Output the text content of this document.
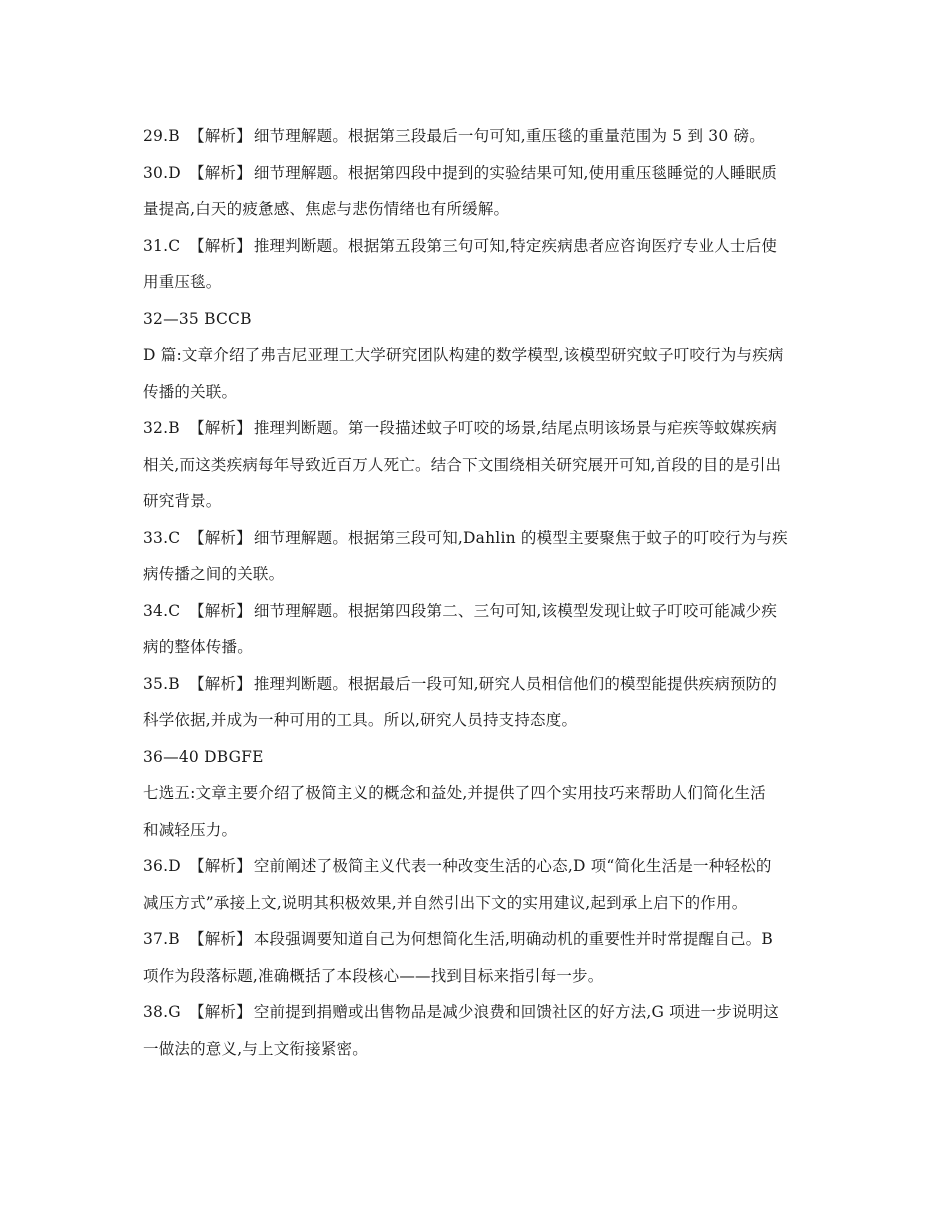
29.B 【解析】 细节理解题。根据第三段最后一句可知,重压毯的重量范围为 5 到 30 磅。
30.D 【解析】 细节理解题。根据第四段中提到的实验结果可知,使用重压毯睡觉的人睡眠质
量提高,白天的疲惫感、焦虑与悲伤情绪也有所缓解。
31.C 【解析】 推理判断题。根据第五段第三句可知,特定疾病患者应咨询医疗专业人士后使
用重压毯。
32—35 BCCB
D 篇:文章介绍了弗吉尼亚理工大学研究团队构建的数学模型,该模型研究蚊子叮咬行为与疾病
传播的关联。
32.B 【解析】 推理判断题。第一段描述蚊子叮咬的场景,结尾点明该场景与疟疾等蚊媒疾病
相关,而这类疾病每年导致近百万人死亡。结合下文围绕相关研究展开可知,首段的目的是引出
研究背景。
33.C 【解析】 细节理解题。根据第三段可知,Dahlin 的模型主要聚焦于蚊子的叮咬行为与疾
病传播之间的关联。
34.C 【解析】 细节理解题。根据第四段第二、三句可知,该模型发现让蚊子叮咬可能减少疾
病的整体传播。
35.B 【解析】 推理判断题。根据最后一段可知,研究人员相信他们的模型能提供疾病预防的
科学依据,并成为一种可用的工具。所以,研究人员持支持态度。
36—40 DBGFE
七选五:文章主要介绍了极简主义的概念和益处,并提供了四个实用技巧来帮助人们简化生活
和减轻压力。
36.D 【解析】 空前阐述了极简主义代表一种改变生活的心态,D 项“简化生活是一种轻松的
减压方式”承接上文,说明其积极效果,并自然引出下文的实用建议,起到承上启下的作用。
37.B 【解析】 本段强调要知道自己为何想简化生活,明确动机的重要性并时常提醒自己。B
项作为段落标题,准确概括了本段核心——找到目标来指引每一步。
38.G 【解析】 空前提到捐赠或出售物品是减少浪费和回馈社区的好方法,G 项进一步说明这
一做法的意义,与上文衔接紧密。
